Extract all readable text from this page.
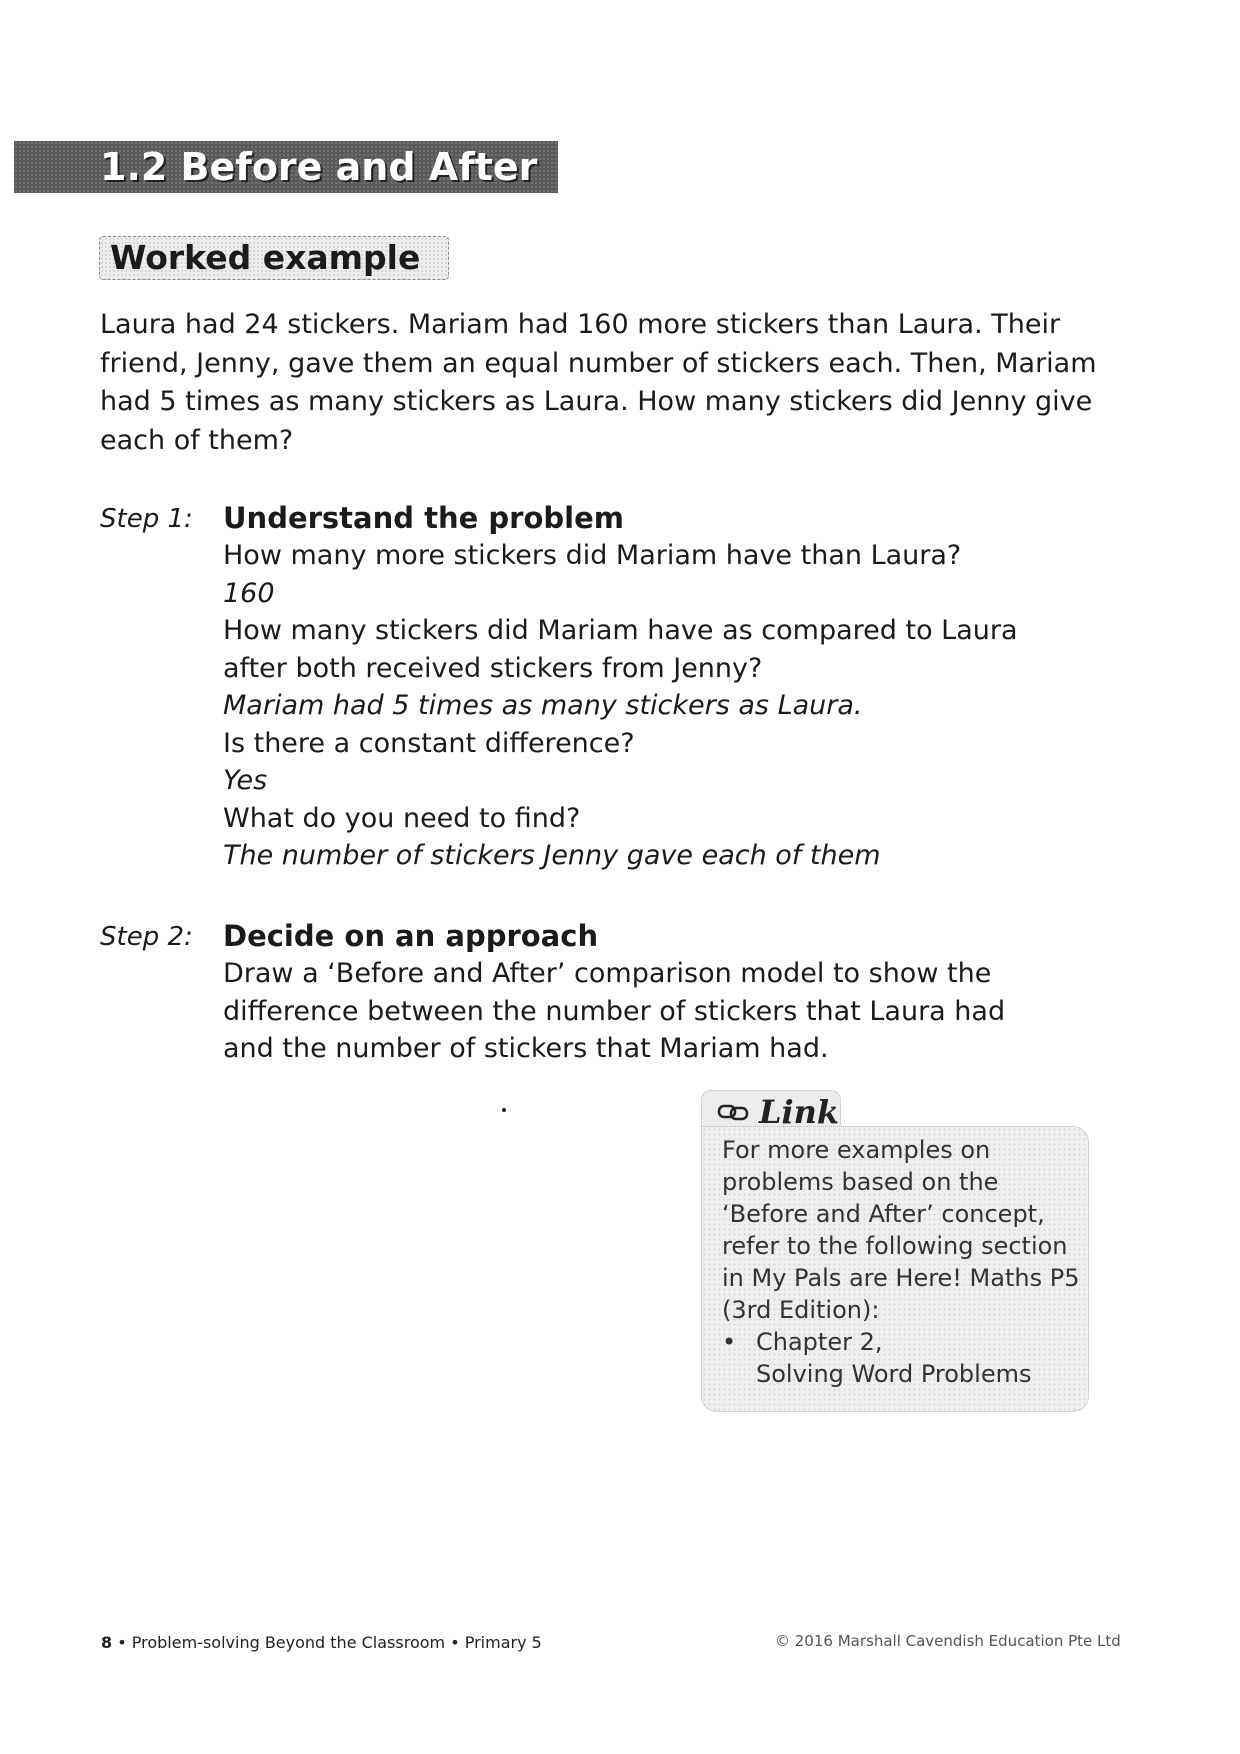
1.2 Before and After
Worked example

Laura had 24 stickers. Mariam had 160 more stickers than Laura. Their

friend, Jenny, gave them an equal number of stickers each. Then, Mariam

had 5 times as many stickers as Laura. How many stickers did Jenny give

each of them?

Step 1:	Understand the problem

How many more stickers did Mariam have than Laura?

160

How many stickers did Mariam have as compared to Laura

after both received stickers from Jenny?

Mariam had 5 times as many stickers as Laura.

Is there a constant difference?

Yes

What do you need to find?

The number of stickers Jenny gave each of them

Step 2:	Decide on an approach

Draw a ‘Before and After’ comparison model to show the

difference between the number of stickers that Laura had

and the number of stickers that Mariam had.

Link

For more examples on

problems based on the

‘Before and After’ concept,

refer to the following section

in My Pals are Here! Maths P5

(3rd Edition):

• Chapter 2,

Solving Word Problems

8 • Problem-solving Beyond the Classroom • Primary 5	© 2016 Marshall Cavendish Education Pte Ltd
